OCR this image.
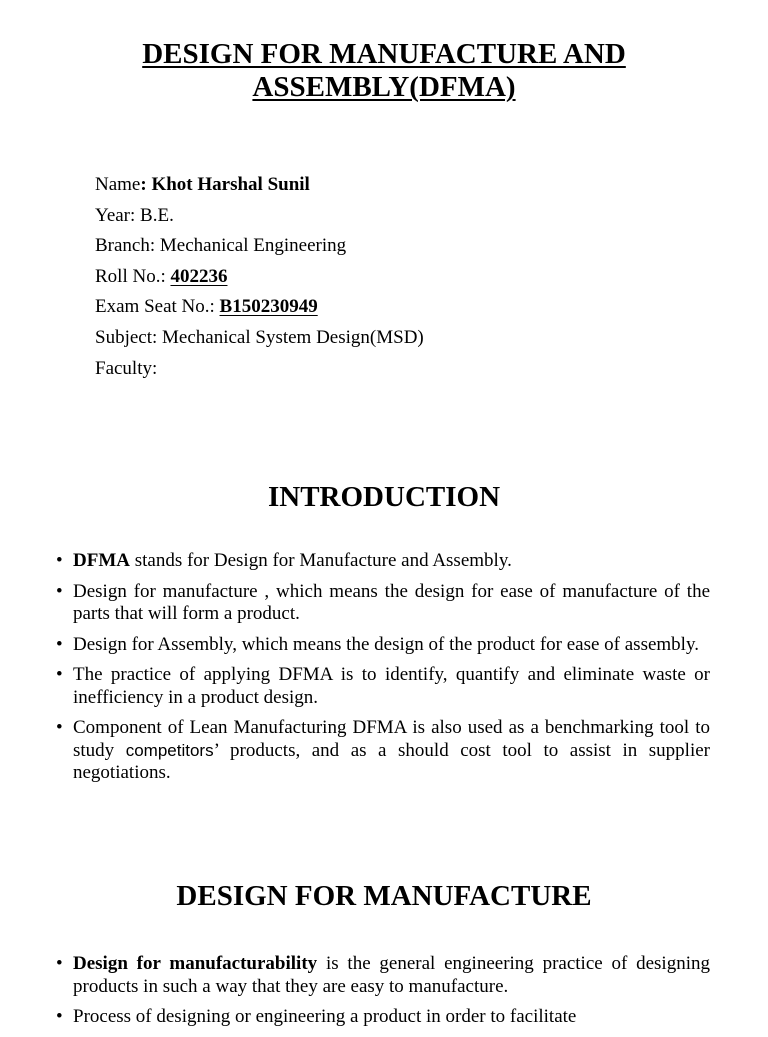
DESIGN FOR MANUFACTURE AND
ASSEMBLY(DFMA)
Name: Khot Harshal Sunil
Year: B.E.
Branch: Mechanical Engineering
Roll No.: 402236
Exam Seat No.: B150230949
Subject: Mechanical System Design(MSD)
Faculty:
INTRODUCTION
• DFMA stands for Design for Manufacture and Assembly.
• Design for manufacture , which means the design for ease of manufacture of the parts that will form a product.
• Design for Assembly, which means the design of the product for ease of assembly.
• The practice of applying DFMA is to identify, quantify and eliminate waste or inefficiency in a product design.
• Component of Lean Manufacturing DFMA is also used as a benchmarking tool to study competitors’ products, and as a should cost tool to assist in supplier negotiations.
DESIGN FOR MANUFACTURE
• Design for manufacturability is the general engineering practice of designing products in such a way that they are easy to manufacture.
• Process of designing or engineering a product in order to facilitate
